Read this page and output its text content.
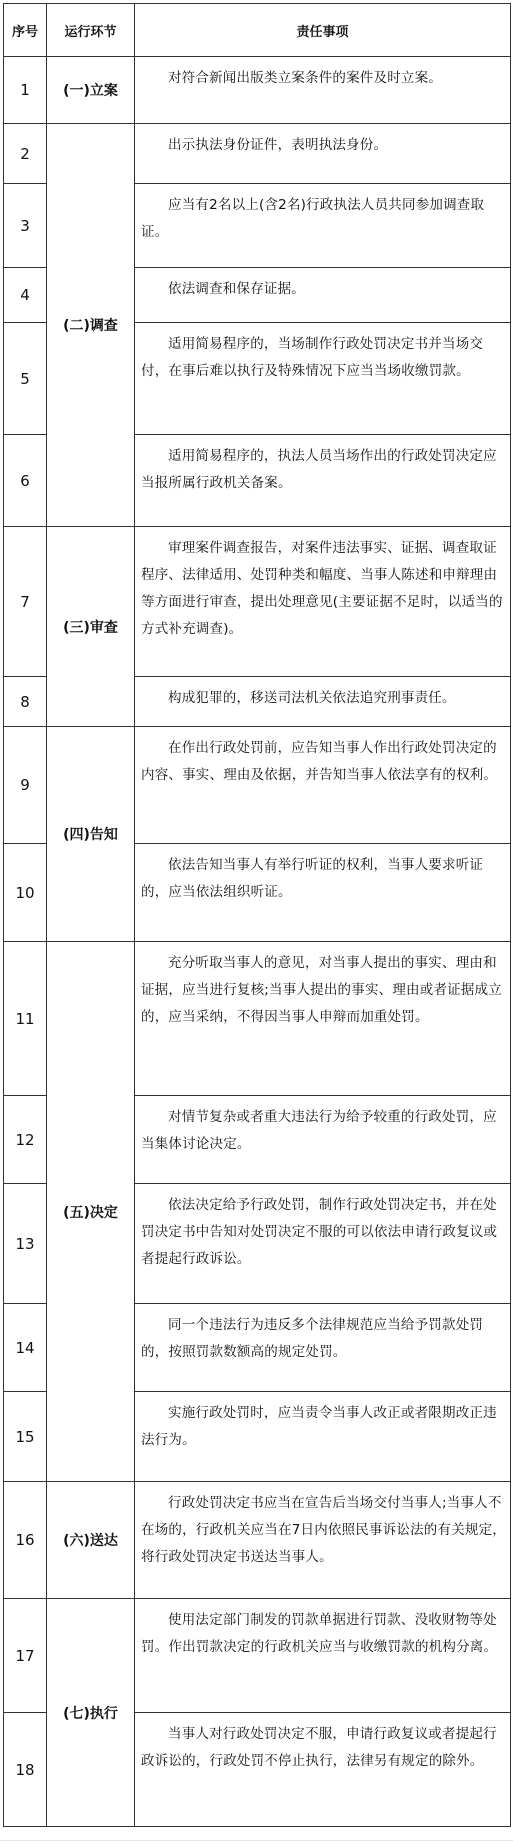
序号	运行环节	责任事项
1	(一)立案	对符合新闻出版类立案条件的案件及时立案。

2	(二)调查	出示执法身份证件，表明执法身份。

3		应当有2名以上(含2名)行政执法人员共同参加调查取证。

4		依法调查和保存证据。

5		适用简易程序的，当场制作行政处罚决定书并当场交付，在事后难以执行及特殊情况下应当当场收缴罚款。

6		适用简易程序的，执法人员当场作出的行政处罚决定应当报所属行政机关备案。

7	(三)审查	审理案件调查报告，对案件违法事实、证据、调查取证程序、法律适用、处罚种类和幅度、当事人陈述和申辩理由等方面进行审查，提出处理意见(主要证据不足时，以适当的方式补充调查)。

8		构成犯罪的，移送司法机关依法追究刑事责任。

9	(四)告知	在作出行政处罚前，应告知当事人作出行政处罚决定的内容、事实、理由及依据，并告知当事人依法享有的权利。

10		依法告知当事人有举行听证的权利，当事人要求听证的，应当依法组织听证。

11	(五)决定	充分听取当事人的意见，对当事人提出的事实、理由和证据，应当进行复核;当事人提出的事实、理由或者证据成立的，应当采纳，不得因当事人申辩而加重处罚。

12		对情节复杂或者重大违法行为给予较重的行政处罚，应当集体讨论决定。

13		依法决定给予行政处罚，制作行政处罚决定书，并在处罚决定书中告知对处罚决定不服的可以依法申请行政复议或者提起行政诉讼。

14		同一个违法行为违反多个法律规范应当给予罚款处罚的，按照罚款数额高的规定处罚。

15		实施行政处罚时，应当责令当事人改正或者限期改正违法行为。

16	(六)送达	行政处罚决定书应当在宣告后当场交付当事人;当事人不在场的，行政机关应当在7日内依照民事诉讼法的有关规定，将行政处罚决定书送达当事人。

17	(七)执行	使用法定部门制发的罚款单据进行罚款、没收财物等处罚。作出罚款决定的行政机关应当与收缴罚款的机构分离。

18		当事人对行政处罚决定不服，申请行政复议或者提起行政诉讼的，行政处罚不停止执行，法律另有规定的除外。
